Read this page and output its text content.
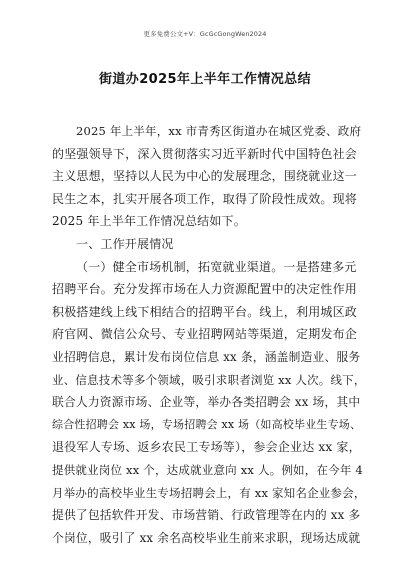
更多免费公文+V：GcGcGongWen2024
街道办2025年上半年工作情况总结
2025 年上半年，xx 市青秀区街道办在城区党委、政府
的坚强领导下，深入贯彻落实习近平新时代中国特色社会
主义思想，坚持以人民为中心的发展理念，围绕就业这一
民生之本，扎实开展各项工作，取得了阶段性成效。现将
2025 年上半年工作情况总结如下。
一、工作开展情况
（一）健全市场机制，拓宽就业渠道。一是搭建多元
招聘平台。充分发挥市场在人力资源配置中的决定性作用
积极搭建线上线下相结合的招聘平台。线上，利用城区政
府官网、微信公众号、专业招聘网站等渠道，定期发布企
业招聘信息，累计发布岗位信息 xx 条，涵盖制造业、服务
业、信息技术等多个领域，吸引求职者浏览 xx 人次。线下，
联合人力资源市场、企业等，举办各类招聘会 xx 场，其中
综合性招聘会 xx 场，专场招聘会 xx 场（如高校毕业生专场、
退役军人专场、返乡农民工专场等），参会企业达 xx 家，
提供就业岗位 xx 个，达成就业意向 xx 人。例如，在今年 4
月举办的高校毕业生专场招聘会上，有 xx 家知名企业参会，
提供了包括软件开发、市场营销、行政管理等在内的 xx 多
个岗位，吸引了 xx 余名高校毕业生前来求职，现场达成就
